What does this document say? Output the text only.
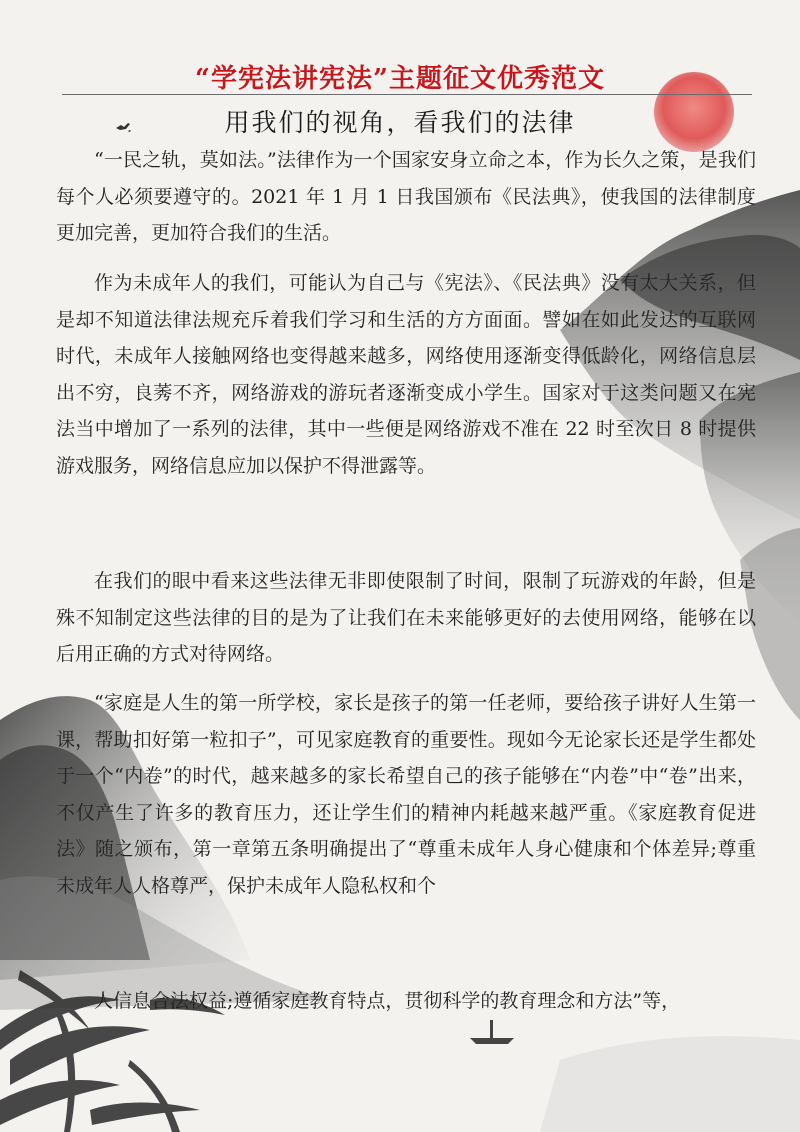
“学宪法讲宪法”主题征文优秀范文
用我们的视角，看我们的法律
“一民之轨，莫如法。”法律作为一个国家安身立命之本，作为长久之策，是我们每个人必须要遵守的。2021 年 1 月 1 日我国颁布《民法典》，使我国的法律制度更加完善，更加符合我们的生活。
作为未成年人的我们，可能认为自己与《宪法》、《民法典》没有太大关系，但是却不知道法律法规充斥着我们学习和生活的方方面面。譬如在如此发达的互联网时代，未成年人接触网络也变得越来越多，网络使用逐渐变得低龄化，网络信息层出不穷，良莠不齐，网络游戏的游玩者逐渐变成小学生。国家对于这类问题又在宪法当中增加了一系列的法律，其中一些便是网络游戏不准在 22 时至次日 8 时提供游戏服务，网络信息应加以保护不得泄露等。
在我们的眼中看来这些法律无非即使限制了时间，限制了玩游戏的年龄，但是殊不知制定这些法律的目的是为了让我们在未来能够更好的去使用网络，能够在以后用正确的方式对待网络。
“家庭是人生的第一所学校，家长是孩子的第一任老师，要给孩子讲好人生第一课，帮助扣好第一粒扣子”，可见家庭教育的重要性。现如今无论家长还是学生都处于一个“内卷”的时代，越来越多的家长希望自己的孩子能够在“内卷”中“卷”出来，不仅产生了许多的教育压力，还让学生们的精神内耗越来越严重。《家庭教育促进法》随之颁布，第一章第五条明确提出了“尊重未成年人身心健康和个体差异;尊重未成年人人格尊严，保护未成年人隐私权和个
人信息合法权益;遵循家庭教育特点，贯彻科学的教育理念和方法”等，
